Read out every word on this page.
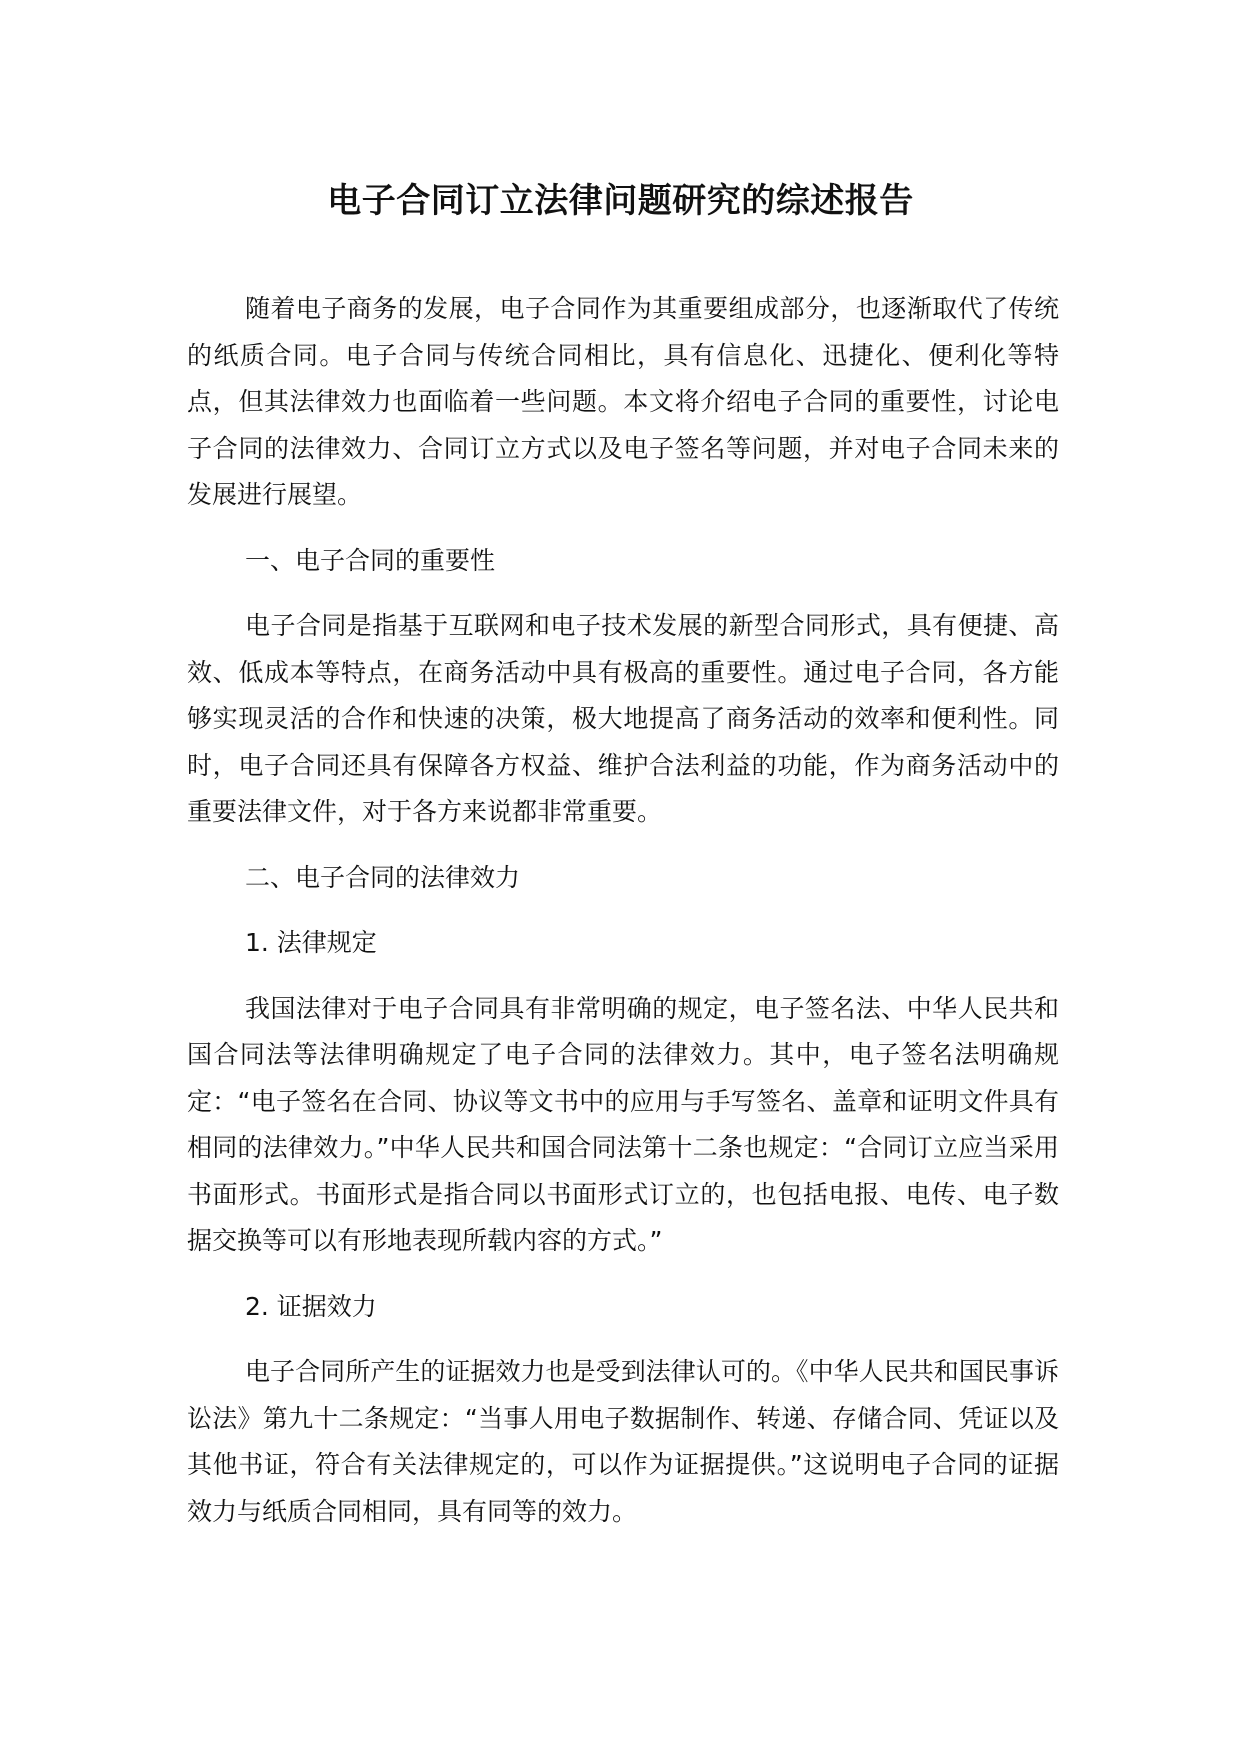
电子合同订立法律问题研究的综述报告

随着电子商务的发展，电子合同作为其重要组成部分，也逐渐取代了传统的纸质合同。电子合同与传统合同相比，具有信息化、迅捷化、便利化等特点，但其法律效力也面临着一些问题。本文将介绍电子合同的重要性，讨论电子合同的法律效力、合同订立方式以及电子签名等问题，并对电子合同未来的发展进行展望。

一、电子合同的重要性

电子合同是指基于互联网和电子技术发展的新型合同形式，具有便捷、高效、低成本等特点，在商务活动中具有极高的重要性。通过电子合同，各方能够实现灵活的合作和快速的决策，极大地提高了商务活动的效率和便利性。同时，电子合同还具有保障各方权益、维护合法利益的功能，作为商务活动中的重要法律文件，对于各方来说都非常重要。

二、电子合同的法律效力

1. 法律规定

我国法律对于电子合同具有非常明确的规定，电子签名法、中华人民共和国合同法等法律明确规定了电子合同的法律效力。其中，电子签名法明确规定：“电子签名在合同、协议等文书中的应用与手写签名、盖章和证明文件具有相同的法律效力。”中华人民共和国合同法第十二条也规定：“合同订立应当采用书面形式。书面形式是指合同以书面形式订立的，也包括电报、电传、电子数据交换等可以有形地表现所载内容的方式。”

2. 证据效力

电子合同所产生的证据效力也是受到法律认可的。《中华人民共和国民事诉讼法》第九十二条规定：“当事人用电子数据制作、转递、存储合同、凭证以及其他书证，符合有关法律规定的，可以作为证据提供。”这说明电子合同的证据效力与纸质合同相同，具有同等的效力。
